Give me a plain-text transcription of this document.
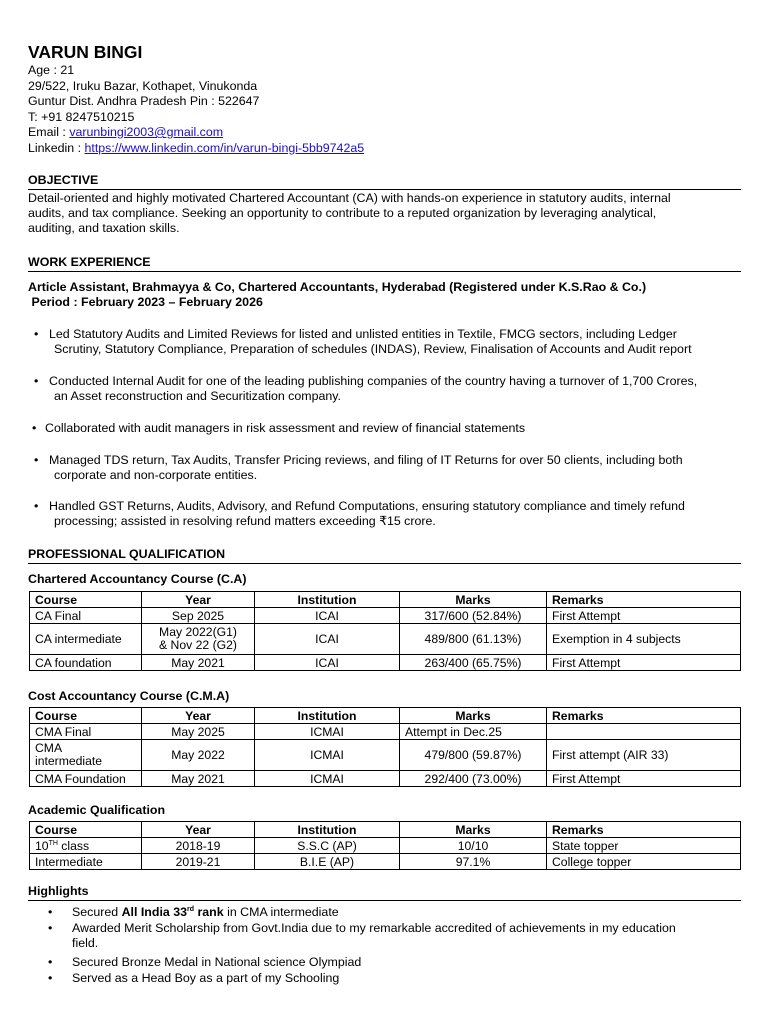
VARUN BINGI
Age : 21
29/522, Iruku Bazar, Kothapet, Vinukonda
Guntur Dist. Andhra Pradesh Pin : 522647
T: +91 8247510215
Email : varunbingi2003@gmail.com
Linkedin : https://www.linkedin.com/in/varun-bingi-5bb9742a5
OBJECTIVE
Detail-oriented and highly motivated Chartered Accountant (CA) with hands-on experience in statutory audits, internal
audits, and tax compliance. Seeking an opportunity to contribute to a reputed organization by leveraging analytical,
auditing, and taxation skills.
WORK EXPERIENCE
Article Assistant, Brahmayya & Co, Chartered Accountants, Hyderabad (Registered under K.S.Rao & Co.)
Period : February 2023 – February 2026
• Led Statutory Audits and Limited Reviews for listed and unlisted entities in Textile, FMCG sectors, including Ledger
Scrutiny, Statutory Compliance, Preparation of schedules (INDAS), Review, Finalisation of Accounts and Audit report
• Conducted Internal Audit for one of the leading publishing companies of the country having a turnover of 1,700 Crores,
an Asset reconstruction and Securitization company.
• Collaborated with audit managers in risk assessment and review of financial statements
• Managed TDS return, Tax Audits, Transfer Pricing reviews, and filing of IT Returns for over 50 clients, including both
corporate and non-corporate entities.
• Handled GST Returns, Audits, Advisory, and Refund Computations, ensuring statutory compliance and timely refund
processing; assisted in resolving refund matters exceeding ₹15 crore.
PROFESSIONAL QUALIFICATION
Chartered Accountancy Course (C.A)
Course	Year	Institution	Marks	Remarks
CA Final	Sep 2025	ICAI	317/600 (52.84%)	First Attempt
CA intermediate	May 2022(G1)
& Nov 22 (G2)	ICAI	489/800 (61.13%)	Exemption in 4 subjects
CA foundation	May 2021	ICAI	263/400 (65.75%)	First Attempt
Cost Accountancy Course (C.M.A)
Course	Year	Institution	Marks	Remarks
CMA Final	May 2025	ICMAI	Attempt in Dec.25	

CMA
intermediate	May 2022	ICMAI	479/800 (59.87%)	First attempt (AIR 33)
CMA Foundation	May 2021	ICMAI	292/400 (73.00%)	First Attempt
Academic Qualification
Course	Year	Institution	Marks	Remarks
10TH class	2018-19	S.S.C (AP)	10/10	State topper
Intermediate	2019-21	B.I.E (AP)	97.1%	College topper
Highlights
•	Secured All India 33rd rank in CMA intermediate
•	Awarded Merit Scholarship from Govt.India due to my remarkable accredited of achievements in my education
field.
•	Secured Bronze Medal in National science Olympiad
•	Served as a Head Boy as a part of my Schooling
